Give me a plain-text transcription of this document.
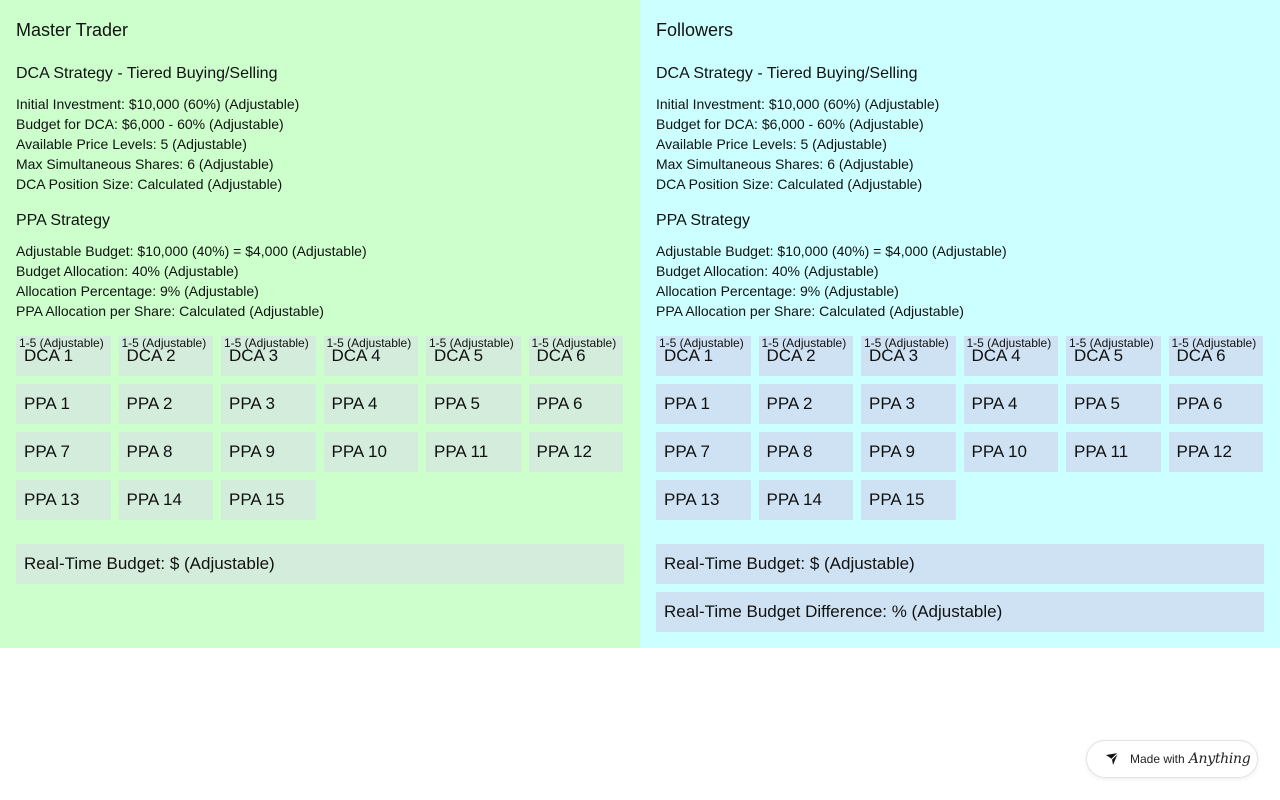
Master Trader
DCA Strategy - Tiered Buying/Selling
Initial Investment: $10,000 (60%) (Adjustable)
Budget for DCA: $6,000 - 60% (Adjustable)
Available Price Levels: 5 (Adjustable)
Max Simultaneous Shares: 6 (Adjustable)
DCA Position Size: Calculated (Adjustable)
PPA Strategy
Adjustable Budget: $10,000 (40%) = $4,000 (Adjustable)
Budget Allocation: 40% (Adjustable)
Allocation Percentage: 9% (Adjustable)
PPA Allocation per Share: Calculated (Adjustable)
1-5 (Adjustable)
DCA 1
1-5 (Adjustable)
DCA 2
1-5 (Adjustable)
DCA 3
1-5 (Adjustable)
DCA 4
1-5 (Adjustable)
DCA 5
1-5 (Adjustable)
DCA 6
PPA 1	PPA 2	PPA 3	PPA 4	PPA 5	PPA 6
PPA 7	PPA 8	PPA 9	PPA 10	PPA 11	PPA 12
PPA 13	PPA 14	PPA 15
Real-Time Budget: $ (Adjustable)
Followers
DCA Strategy - Tiered Buying/Selling
Initial Investment: $10,000 (60%) (Adjustable)
Budget for DCA: $6,000 - 60% (Adjustable)
Available Price Levels: 5 (Adjustable)
Max Simultaneous Shares: 6 (Adjustable)
DCA Position Size: Calculated (Adjustable)
PPA Strategy
Adjustable Budget: $10,000 (40%) = $4,000 (Adjustable)
Budget Allocation: 40% (Adjustable)
Allocation Percentage: 9% (Adjustable)
PPA Allocation per Share: Calculated (Adjustable)
1-5 (Adjustable)
DCA 1
1-5 (Adjustable)
DCA 2
1-5 (Adjustable)
DCA 3
1-5 (Adjustable)
DCA 4
1-5 (Adjustable)
DCA 5
1-5 (Adjustable)
DCA 6
PPA 1	PPA 2	PPA 3	PPA 4	PPA 5	PPA 6
PPA 7	PPA 8	PPA 9	PPA 10	PPA 11	PPA 12
PPA 13	PPA 14	PPA 15
Real-Time Budget: $ (Adjustable)
Real-Time Budget Difference: % (Adjustable)
Made with Anything
